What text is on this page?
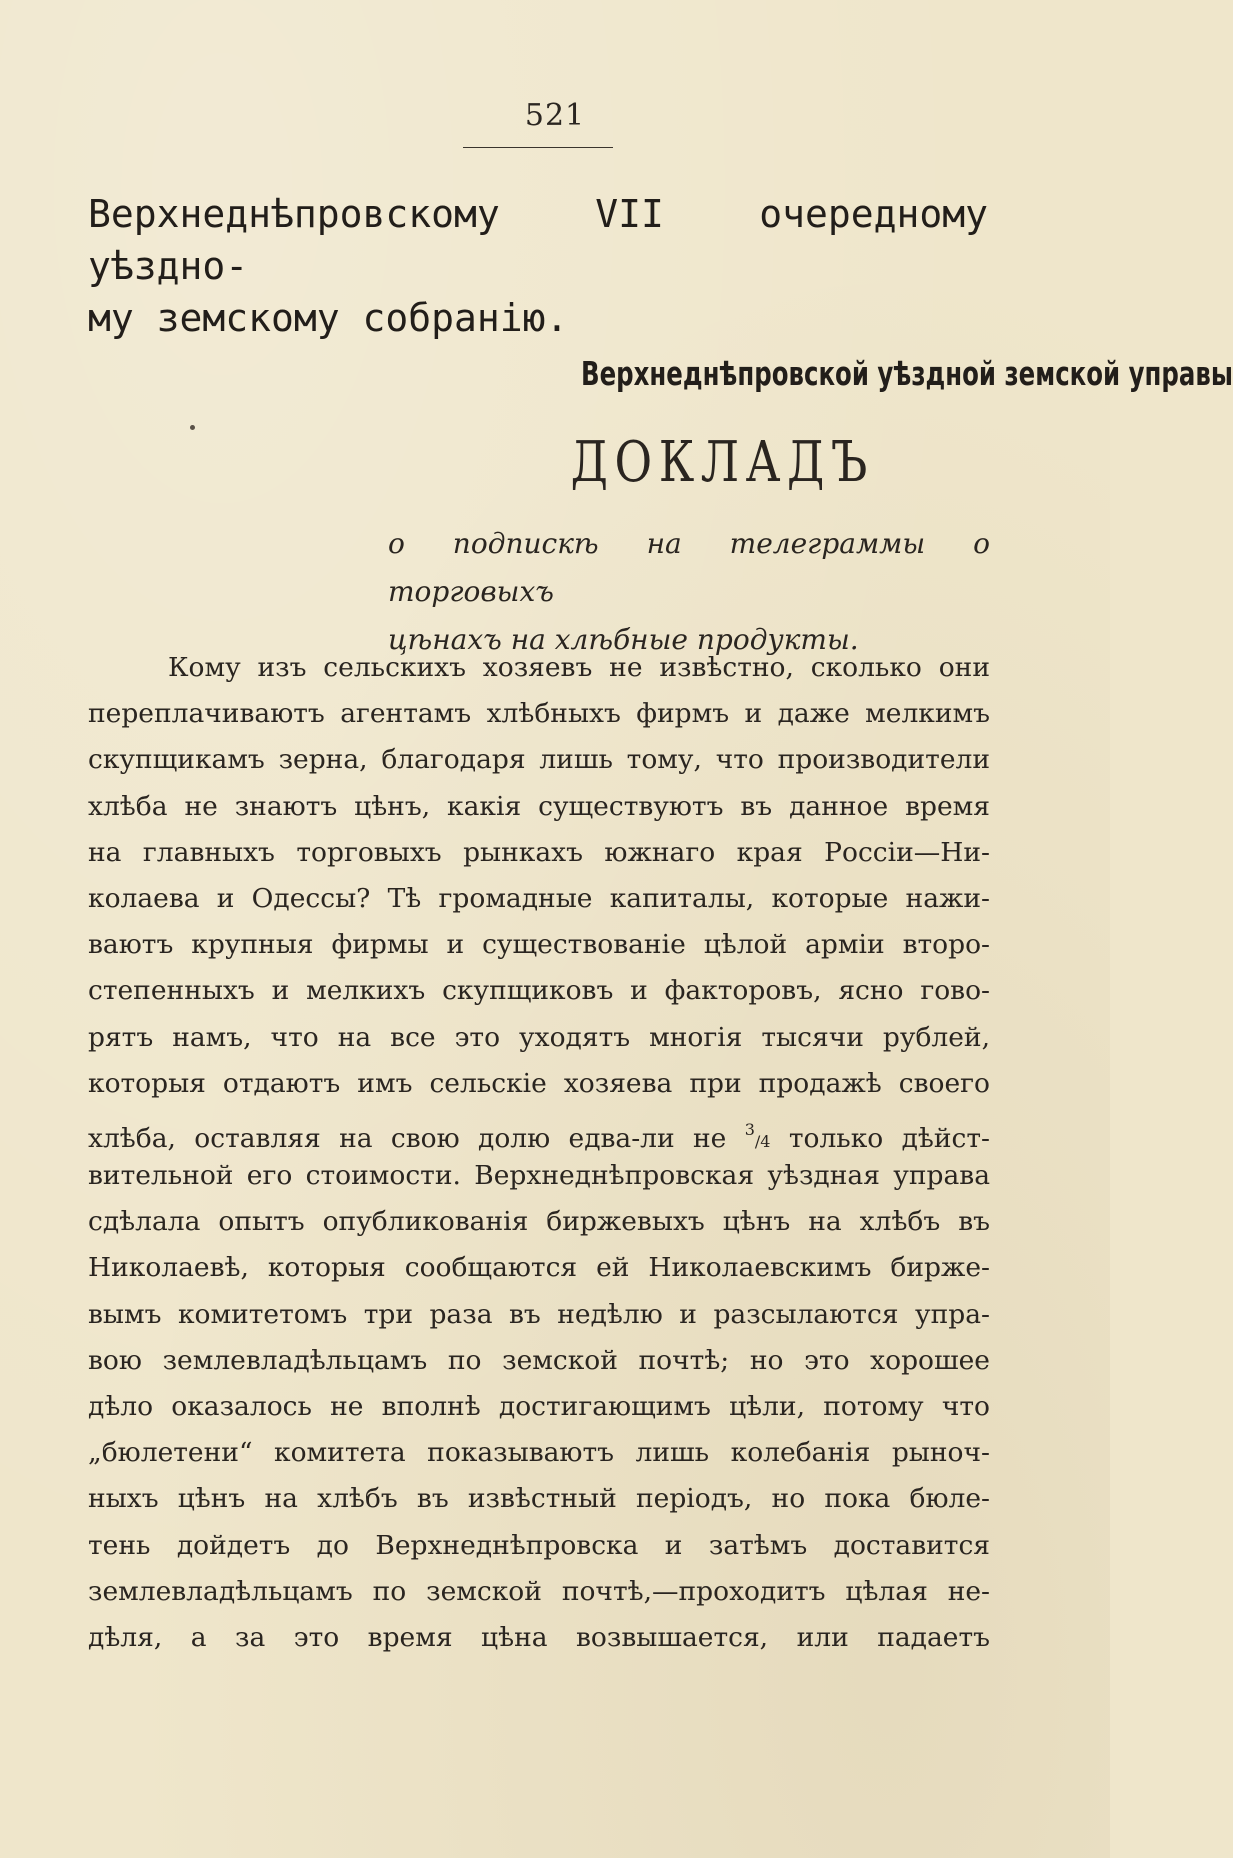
521
Верхнеднѣпровскому VII очередному уѣздно-
му земскому собранію.
Верхнеднѣпровской уѣздной земской управы
ДОКЛАДЪ
о подпискѣ на телеграммы о торговыхъ
цѣнахъ на хлѣбные продукты.
Кому изъ сельскихъ хозяевъ не извѣстно, сколько они
переплачиваютъ агентамъ хлѣбныхъ фирмъ и даже мелкимъ
скупщикамъ зерна, благодаря лишь тому, что производители
хлѣба не знаютъ цѣнъ, какія существуютъ въ данное время
на главныхъ торговыхъ рынкахъ южнаго края Россіи—Ни-
колаева и Одессы? Тѣ громадные капиталы, которые нажи-
ваютъ крупныя фирмы и существованіе цѣлой арміи второ-
степенныхъ и мелкихъ скупщиковъ и факторовъ, ясно гово-
рятъ намъ, что на все это уходятъ многія тысячи рублей,
которыя отдаютъ имъ сельскіе хозяева при продажѣ своего
хлѣба, оставляя на свою долю едва-ли не $^3$/4 только дѣйст-
вительной его стоимости. Верхнеднѣпровская уѣздная управа
сдѣлала опытъ опубликованія биржевыхъ цѣнъ на хлѣбъ въ
Николаевѣ, которыя сообщаются ей Николаевскимъ бирже-
вымъ комитетомъ три раза въ недѣлю и разсылаются упра-
вою землевладѣльцамъ по земской почтѣ; но это хорошее
дѣло оказалось не вполнѣ достигающимъ цѣли, потому что
„бюлетени“ комитета показываютъ лишь колебанія рыноч-
ныхъ цѣнъ на хлѣбъ въ извѣстный періодъ, но пока бюле-
тень дойдетъ до Верхнеднѣпровска и затѣмъ доставится
землевладѣльцамъ по земской почтѣ,—проходитъ цѣлая не-
дѣля, а за это время цѣна возвышается, или падаетъ
